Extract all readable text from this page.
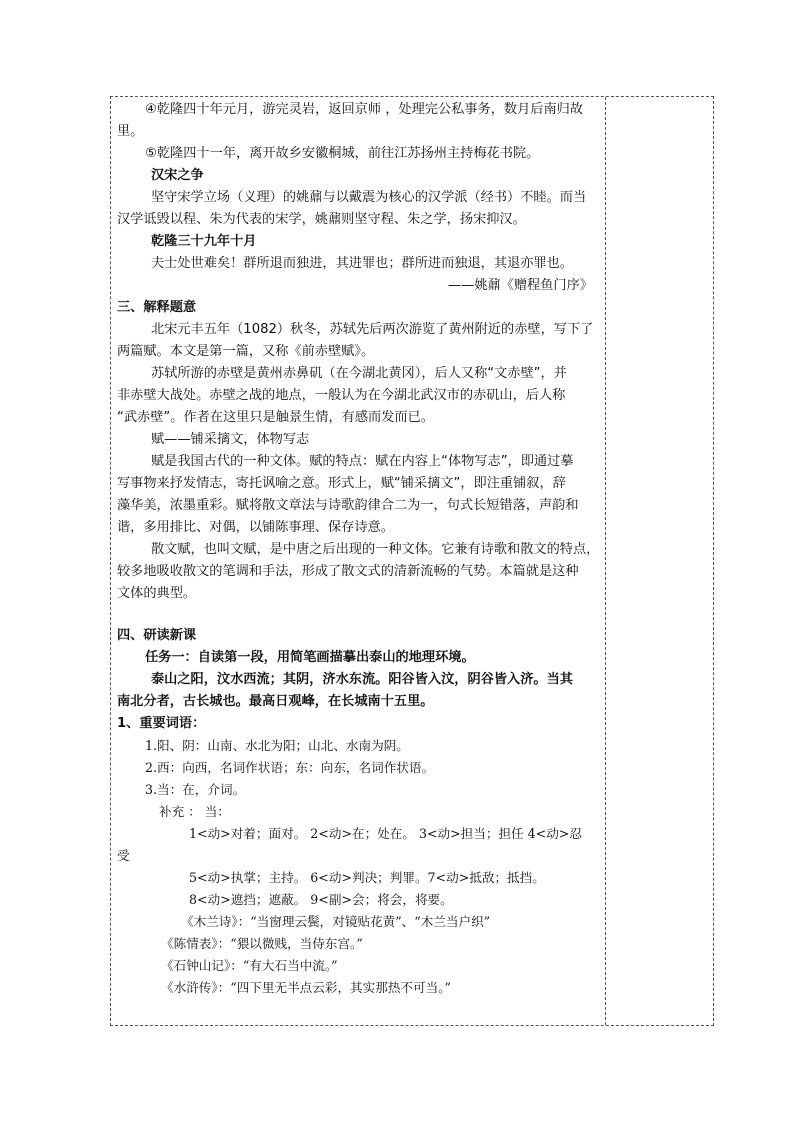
④乾隆四十年元月，游完灵岩，返回京师 ，处理完公私事务，数月后南归故
里。
⑤乾隆四十一年，离开故乡安徽桐城，前往江苏扬州主持梅花书院。
汉宋之争
坚守宋学立场（义理）的姚鼐与以戴震为核心的汉学派（经书）不睦。而当
汉学诋毁以程、朱为代表的宋学，姚鼐则坚守程、朱之学，扬宋抑汉。
乾隆三十九年十月
夫士处世难矣！群所退而独进，其进罪也；群所进而独退，其退亦罪也。
——姚鼐《赠程鱼门序》
三、解释题意
北宋元丰五年（1082）秋冬，苏轼先后两次游览了黄州附近的赤壁，写下了
两篇赋。本文是第一篇，又称《前赤壁赋》。
苏轼所游的赤壁是黄州赤鼻矶（在今湖北黄冈），后人又称“文赤壁”，并
非赤壁大战处。赤壁之战的地点，一般认为在今湖北武汉市的赤矶山，后人称
“武赤壁”。作者在这里只是触景生情，有感而发而已。
赋——铺采摛文，体物写志
赋是我国古代的一种文体。赋的特点：赋在内容上“体物写志”，即通过摹
写事物来抒发情志，寄托讽喻之意。形式上，赋“铺采摛文”，即注重铺叙，辞
藻华美，浓墨重彩。赋将散文章法与诗歌韵律合二为一，句式长短错落，声韵和
谐，多用排比、对偶，以铺陈事理、保存诗意。
散文赋，也叫文赋，是中唐之后出现的一种文体。它兼有诗歌和散文的特点，
较多地吸收散文的笔调和手法，形成了散文式的清新流畅的气势。本篇就是这种
文体的典型。
四、研读新课
任务一：自读第一段，用简笔画描摹出泰山的地理环境。
泰山之阳，汶水西流；其阴，济水东流。阳谷皆入汶，阴谷皆入济。当其
南北分者，古长城也。最高日观峰，在长城南十五里。
1、重要词语：
1.阳、阴：山南、水北为阳；山北、水南为阴。
2.西：向西，名词作状语；东：向东，名词作状语。
3.当：在，介词。
补充 ： 当：
1<动>对着；面对。 2<动>在；处在。 3<动>担当；担任 4<动>忍
受
5<动>执掌；主持。 6<动>判决；判罪。7<动>抵敌；抵挡。
8<动>遮挡；遮蔽。 9<副>会；将会，将要。
《木兰诗》：“当窗理云鬓，对镜贴花黄”、“木兰当户织”
《陈情表》：“猥以微贱，当侍东宫。”
《石钟山记》：“有大石当中流。”
《水浒传》：“四下里无半点云彩，其实那热不可当。”
